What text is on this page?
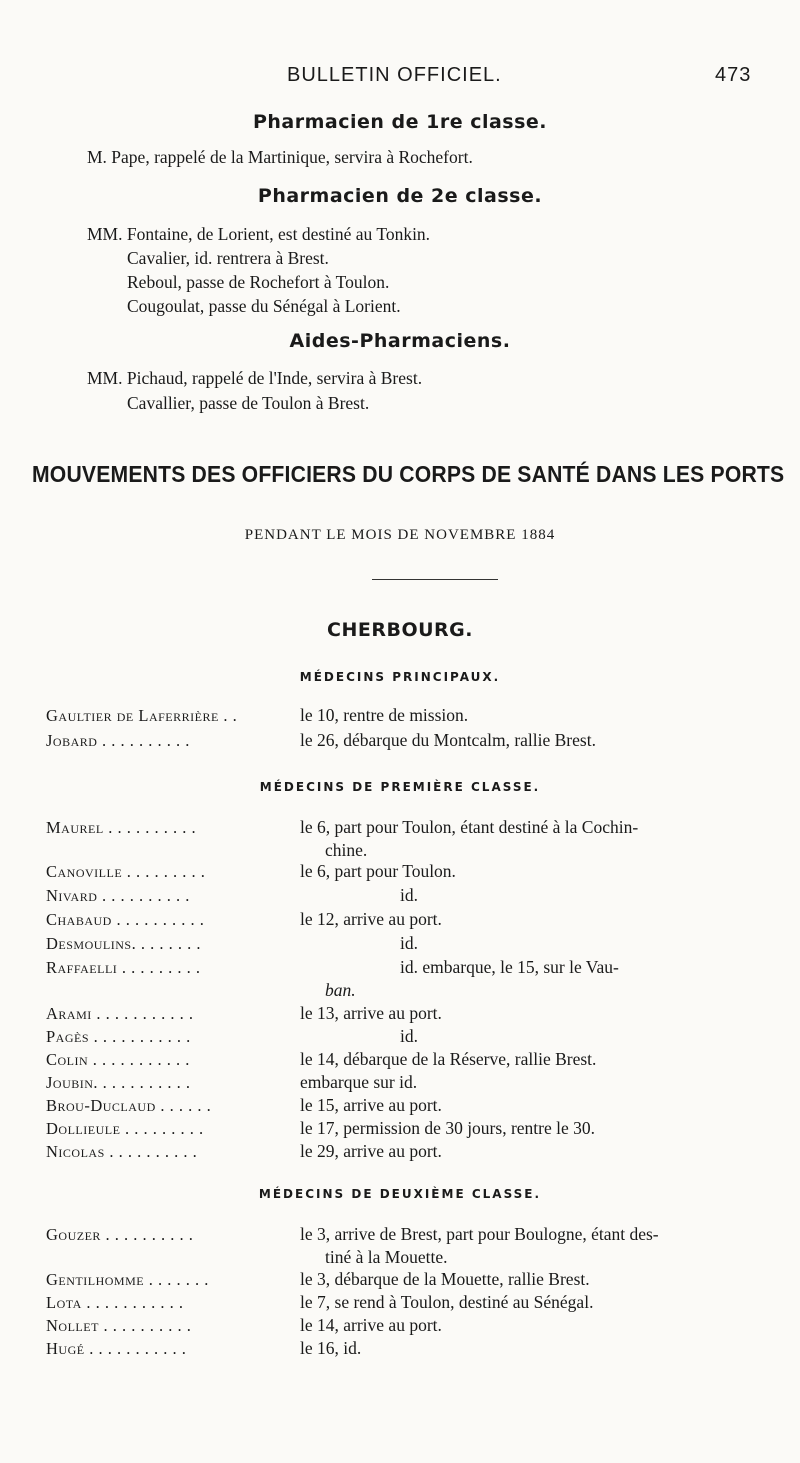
BULLETIN OFFICIEL.	473
Pharmacien de 1re classe.
M. Pape, rappelé de la Martinique, servira à Rochefort.
Pharmacien de 2e classe.
MM. Fontaine, de Lorient, est destiné au Tonkin.
Cavalier, id. rentrera à Brest.
Reboul, passe de Rochefort à Toulon.
Cougoulat, passe du Sénégal à Lorient.
Aides-Pharmaciens.
MM. Pichaud, rappelé de l'Inde, servira à Brest.
Cavallier, passe de Toulon à Brest.
MOUVEMENTS DES OFFICIERS DU CORPS DE SANTÉ DANS LES PORTS
PENDANT LE MOIS DE NOVEMBRE 1884
CHERBOURG.
MÉDECINS PRINCIPAUX.
Gaultier de Laferrière . .	le 10, rentre de mission.
Jobard . . . . . . . . . .	le 26, débarque du Montcalm, rallie Brest.
MÉDECINS DE PREMIÈRE CLASSE.
Maurel . . . . . . . . . .	le 6, part pour Toulon, étant destiné à la Cochin-
chine.
Canoville . . . . . . . . .	le 6, part pour Toulon.
Nivard . . . . . . . . . .	id.
Chabaud . . . . . . . . . .	le 12, arrive au port.
Desmoulins. . . . . . . .	id.
Raffaelli . . . . . . . . .	id. embarque, le 15, sur le Vau-
ban.
Arami . . . . . . . . . . .	le 13, arrive au port.
Pagès . . . . . . . . . . .	id.
Colin . . . . . . . . . . .	le 14, débarque de la Réserve, rallie Brest.
Joubin. . . . . . . . . . .	embarque sur id.
Brou-Duclaud . . . . . .	le 15, arrive au port.
Dollieule . . . . . . . . .	le 17, permission de 30 jours, rentre le 30.
Nicolas . . . . . . . . . .	le 29, arrive au port.
MÉDECINS DE DEUXIÈME CLASSE.
Gouzer . . . . . . . . . .	le 3, arrive de Brest, part pour Boulogne, étant des-
tiné à la Mouette.
Gentilhomme . . . . . . .	le 3, débarque de la Mouette, rallie Brest.
Lota . . . . . . . . . . .	le 7, se rend à Toulon, destiné au Sénégal.
Nollet . . . . . . . . . .	le 14, arrive au port.
Hugé . . . . . . . . . . .	le 16, id.
